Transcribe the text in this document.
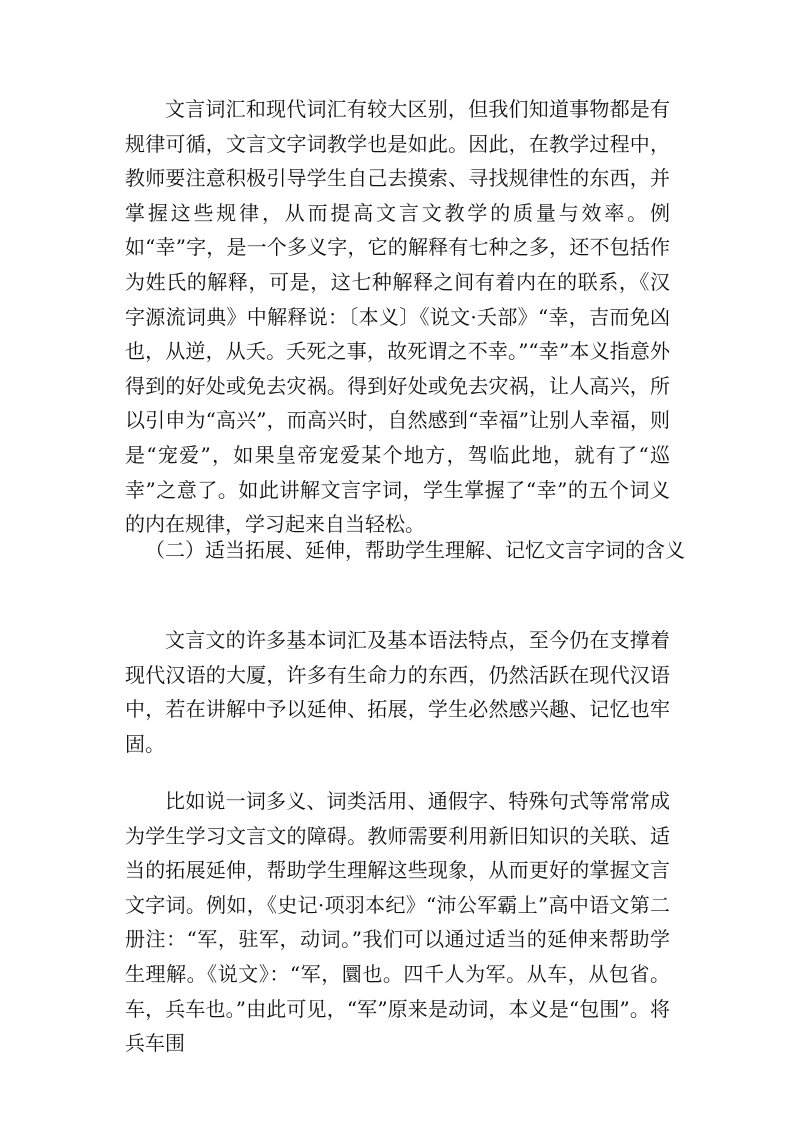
文言词汇和现代词汇有较大区别，但我们知道事物都是有规律可循，文言文字词教学也是如此。因此，在教学过程中，教师要注意积极引导学生自己去摸索、寻找规律性的东西，并掌握这些规律，从而提高文言文教学的质量与效率。例如“幸”字，是一个多义字，它的解释有七种之多，还不包括作为姓氏的解释，可是，这七种解释之间有着内在的联系，《汉字源流词典》中解释说：〔本义〕《说文·夭部》“幸，吉而免凶也，从逆，从夭。夭死之事，故死谓之不幸。”“幸”本义指意外得到的好处或免去灾祸。得到好处或免去灾祸，让人高兴，所以引申为“高兴”，而高兴时，自然感到“幸福”让别人幸福，则是“宠爱”，如果皇帝宠爱某个地方，驾临此地，就有了“巡幸”之意了。如此讲解文言字词，学生掌握了“幸”的五个词义的内在规律，学习起来自当轻松。

（二）适当拓展、延伸，帮助学生理解、记忆文言字词的含义

文言文的许多基本词汇及基本语法特点，至今仍在支撑着现代汉语的大厦，许多有生命力的东西，仍然活跃在现代汉语中，若在讲解中予以延伸、拓展，学生必然感兴趣、记忆也牢固。

比如说一词多义、词类活用、通假字、特殊句式等常常成为学生学习文言文的障碍。教师需要利用新旧知识的关联、适当的拓展延伸，帮助学生理解这些现象，从而更好的掌握文言文字词。例如，《史记·项羽本纪》“沛公军霸上”高中语文第二册注：“军，驻军，动词。”我们可以通过适当的延伸来帮助学生理解。《说文》：“军，圜也。四千人为军。从车，从包省。车，兵车也。”由此可见，“军”原来是动词，本义是“包围”。将兵车围
